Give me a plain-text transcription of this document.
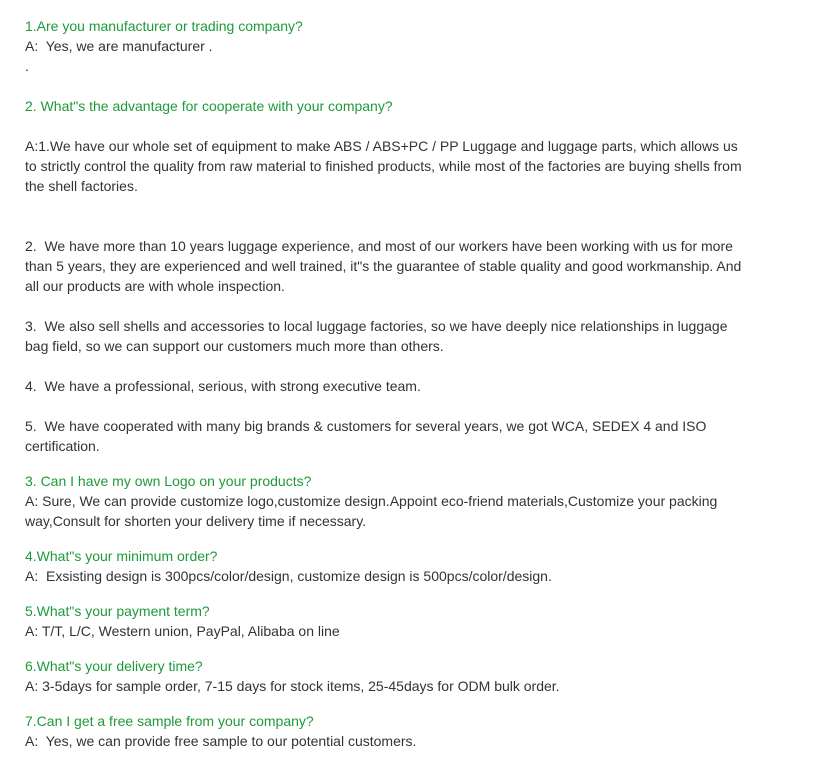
1.Are you manufacturer or trading company?

A:  Yes, we are manufacturer .

.

2. What"s the advantage for cooperate with your company?

A:1.We have our whole set of equipment to make ABS / ABS+PC / PP Luggage and luggage parts, which allows us to strictly control the quality from raw material to finished products, while most of the factories are buying shells from the shell factories.

2.  We have more than 10 years luggage experience, and most of our workers have been working with us for more than 5 years, they are experienced and well trained, it"s the guarantee of stable quality and good workmanship. And all our products are with whole inspection.

3.  We also sell shells and accessories to local luggage factories, so we have deeply nice relationships in luggage bag field, so we can support our customers much more than others.

4.  We have a professional, serious, with strong executive team.

5.  We have cooperated with many big brands & customers for several years, we got WCA, SEDEX 4 and ISO certification.

3. Can I have my own Logo on your products?

A: Sure, We can provide customize logo,customize design.Appoint eco-friend materials,Customize your packing way,Consult for shorten your delivery time if necessary.

4.What"s your minimum order?

A:  Exsisting design is 300pcs/color/design, customize design is 500pcs/color/design.

5.What"s your payment term?

A: T/T, L/C, Western union, PayPal, Alibaba on line

6.What"s your delivery time?

A: 3-5days for sample order, 7-15 days for stock items, 25-45days for ODM bulk order.

7.Can I get a free sample from your company?

A:  Yes, we can provide free sample to our potential customers.
